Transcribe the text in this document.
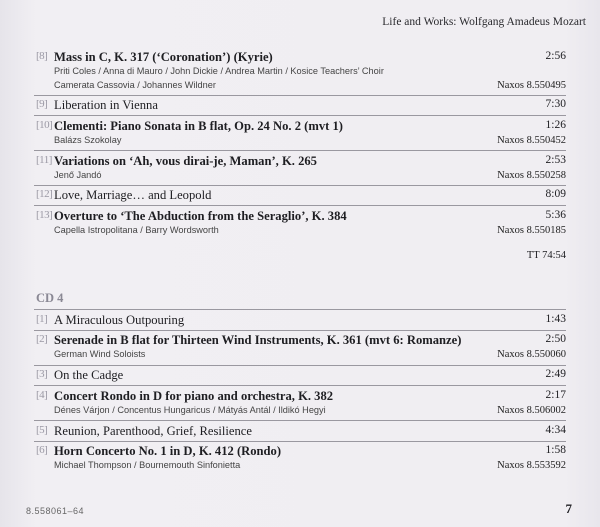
Life and Works: Wolfgang Amadeus Mozart
[8] Mass in C, K. 317 (‘Coronation’) (Kyrie)	2:56
Priti Coles / Anna di Mauro / John Dickie / Andrea Martin / Kosice Teachers’ Choir
Camerata Cassovia / Johannes Wildner	Naxos 8.550495
[9] Liberation in Vienna	7:30
[10] Clementi: Piano Sonata in B flat, Op. 24 No. 2 (mvt 1)	1:26
Balázs Szokolay	Naxos 8.550452
[11] Variations on ‘Ah, vous dirai-je, Maman’, K. 265	2:53
Jenő Jandó	Naxos 8.550258
[12] Love, Marriage… and Leopold	8:09
[13] Overture to ‘The Abduction from the Seraglio’, K. 384	5:36
Capella Istropolitana / Barry Wordsworth	Naxos 8.550185
TT 74:54
CD 4
[1] A Miraculous Outpouring	1:43
[2] Serenade in B flat for Thirteen Wind Instruments, K. 361 (mvt 6: Romanze)	2:50
German Wind Soloists	Naxos 8.550060
[3] On the Cadge	2:49
[4] Concert Rondo in D for piano and orchestra, K. 382	2:17
Dénes Várjon / Concentus Hungaricus / Mátyás Antál / Ildikó Hegyi	Naxos 8.506002
[5] Reunion, Parenthood, Grief, Resilience	4:34
[6] Horn Concerto No. 1 in D, K. 412 (Rondo)	1:58
Michael Thompson / Bournemouth Sinfonietta	Naxos 8.553592
8.558061–64	7
